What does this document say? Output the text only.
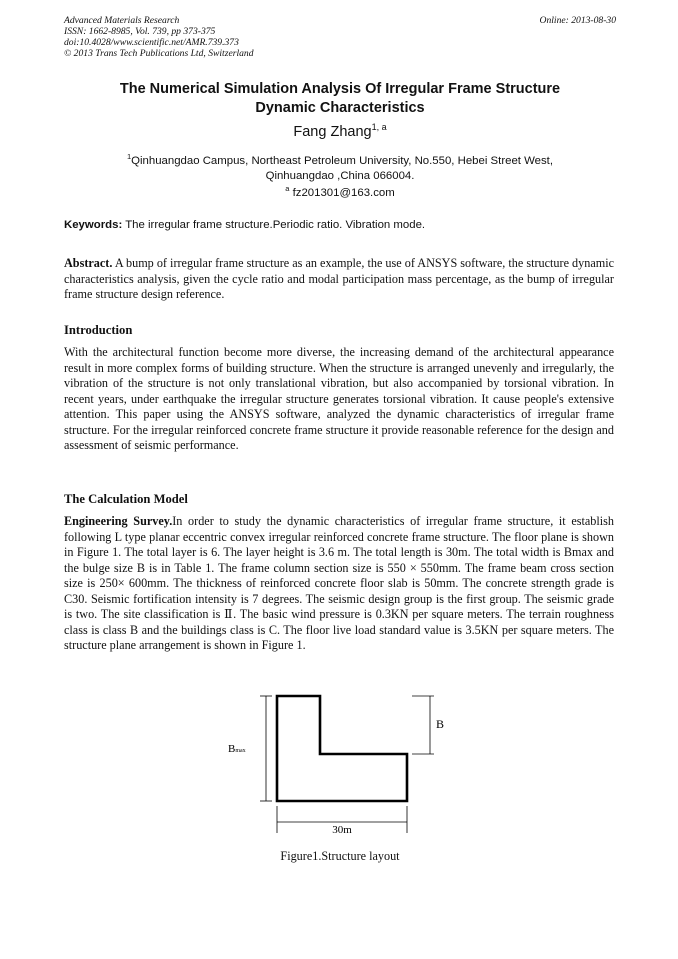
Advanced Materials Research
ISSN: 1662-8985, Vol. 739, pp 373-375
doi:10.4028/www.scientific.net/AMR.739.373
© 2013 Trans Tech Publications Ltd, Switzerland
Online: 2013-08-30
The Numerical Simulation Analysis Of Irregular Frame Structure
Dynamic Characteristics
Fang Zhang$^{1, a}$
$^1$Qinhuangdao Campus, Northeast Petroleum University, No.550, Hebei Street West,
Qinhuangdao ,China 066004.
$^a$ fz201301@163.com
Keywords: The irregular frame structure.Periodic ratio. Vibration mode.
Abstract. A bump of irregular frame structure as an example, the use of ANSYS software, the structure dynamic characteristics analysis, given the cycle ratio and modal participation mass percentage, as the bump of irregular frame structure design reference.
Introduction
With the architectural function become more diverse, the increasing demand of the architectural appearance result in more complex forms of building structure. When the structure is arranged unevenly and irregularly, the vibration of the structure is not only translational vibration, but also accompanied by torsional vibration. In recent years, under earthquake the irregular structure generates torsional vibration. It cause people's extensive attention. This paper using the ANSYS software, analyzed the dynamic characteristics of irregular frame structure. For the irregular reinforced concrete frame structure it provide reasonable reference for the design and assessment of seismic performance.
The Calculation Model
Engineering Survey.In order to study the dynamic characteristics of irregular frame structure, it establish following L type planar eccentric convex irregular reinforced concrete frame structure. The floor plane is shown in Figure 1. The total layer is 6. The layer height is 3.6 m. The total length is 30m. The total width is Bmax and the bulge size B is in Table 1. The frame column section size is 550 × 550mm. The frame beam cross section size is 250× 600mm. The thickness of reinforced concrete floor slab is 50mm. The concrete strength grade is C30. Seismic fortification intensity is 7 degrees. The seismic design group is the first group. The seismic grade is two. The site classification is Ⅱ. The basic wind pressure is 0.3KN per square meters. The terrain roughness class is class B and the buildings class is C. The floor live load standard value is 3.5KN per square meters. The structure plane arrangement is shown in Figure 1.
Bmax
B
30m
Figure1.Structure layout
